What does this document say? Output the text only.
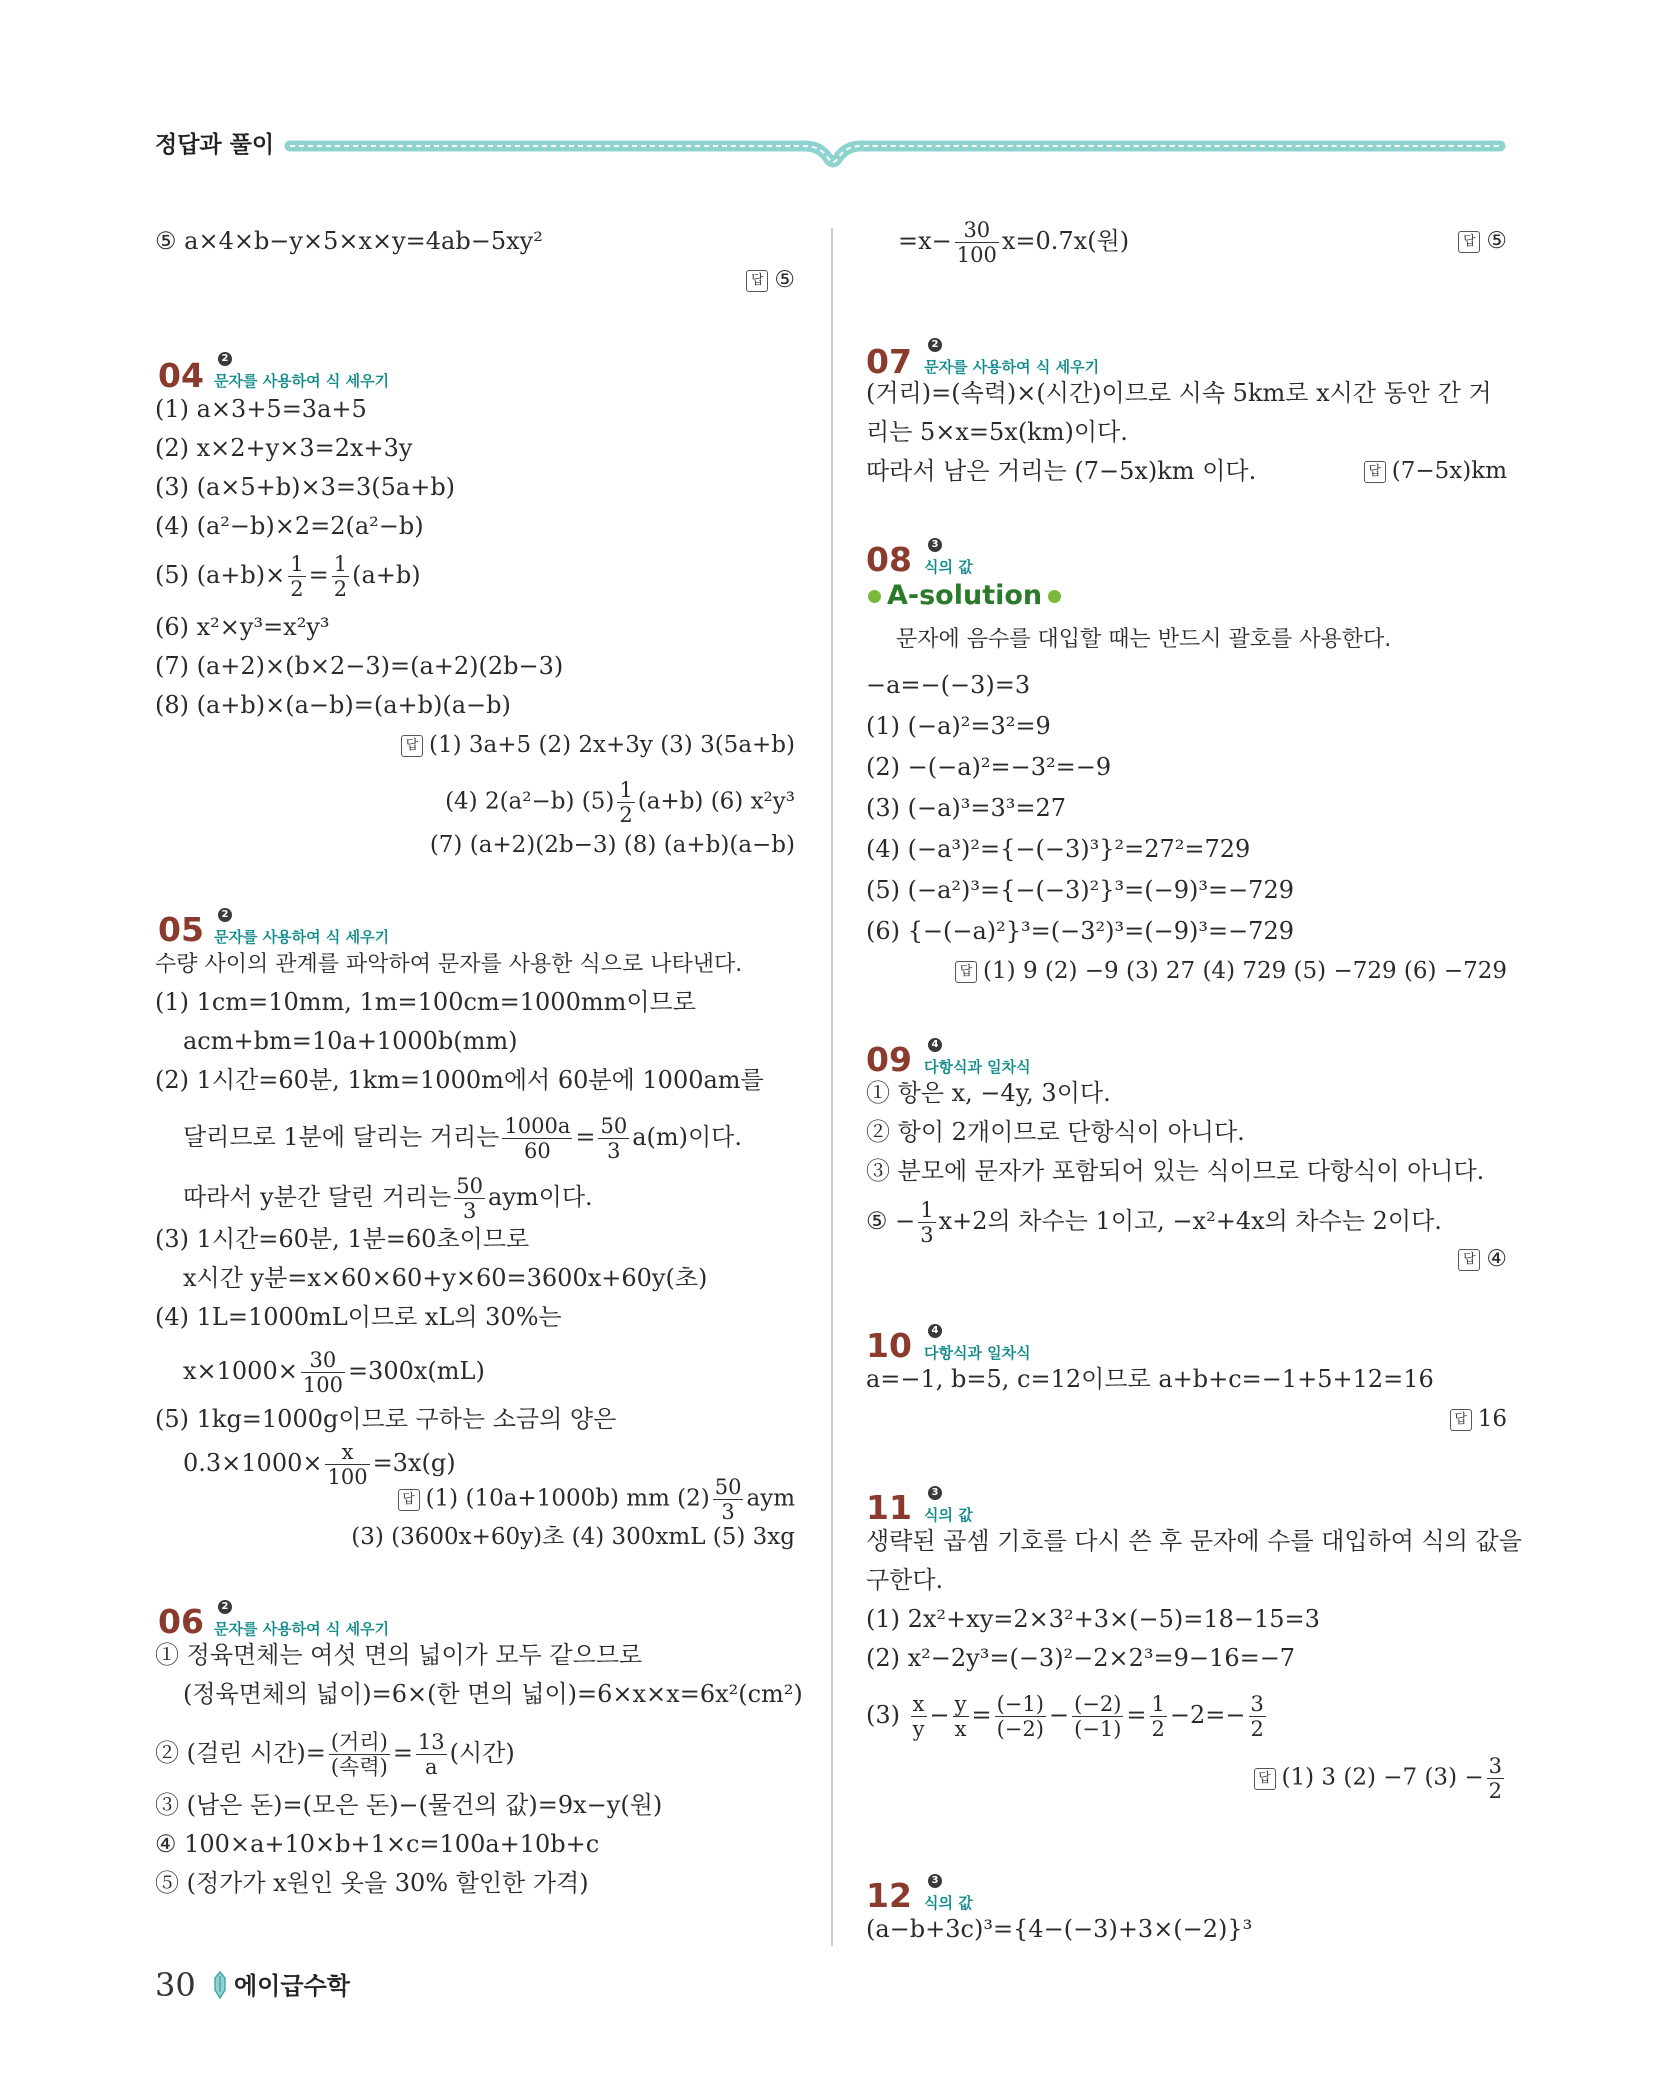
정답과 풀이
⑤ a×4×b−y×5×x×y=4ab−5xy²
답 ⑤
04	2
문자를 사용하여 식 세우기
(1) a×3+5=3a+5
(2) x×2+y×3=2x+3y
(3) (a×5+b)×3=3(5a+b)
(4) (a²−b)×2=2(a²−b)
(5) $(a+b)\times \frac{1}{2} = \frac{1}{2} (a+b)$
(6) x²×y³=x²y³
(7) (a+2)×(b×2−3)=(a+2)(2b−3)
(8) (a+b)×(a−b)=(a+b)(a−b)
답 (1) 3a+5 (2) 2x+3y (3) 3(5a+b)
(4) 2(a²−b) $(5) \frac{1}{2} (a+b)$ (6) x²y³
(7) (a+2)(2b−3) (8) (a+b)(a−b)
05	2
문자를 사용하여 식 세우기
수량 사이의 관계를 파악하여 문자를 사용한 식으로 나타낸다.
(1) 1cm=10mm, 1m=100cm=1000mm이므로
acm+bm=10a+1000b(mm)
(2) 1시간=60분, 1km=1000m에서 60분에 1000am를
달리므로 1분에 달리는 거리는 $\frac{1000a}{60} = \frac{50}{3} a(m)$이다.
따라서 y분간 달린 거리는 $\frac{50}{3}$ aym이다.
(3) 1시간=60분, 1분=60초이므로
x시간 y분=x×60×60+y×60=3600x+60y(초)
(4) 1L=1000mL이므로 xL의 30%는
$x\times 1000\times \frac{30}{100} =300x(mL)$
(5) 1kg=1000g이므로 구하는 소금의 양은
$0.3\times 1000\times \frac{x}{100} =3x(g)$
답 (1) (10a+1000b) mm $(2) \frac{50}{3}$ aym
(3) (3600x+60y)초 (4) 300xmL (5) 3xg
06	2
문자를 사용하여 식 세우기
① 정육면체는 여섯 면의 넓이가 모두 같으므로
(정육면체의 넓이)=6×(한 면의 넓이)=6×x×x=6x²(cm²)
② (걸린 시간)= $\frac{\text{(거리)}}{\text{(속력)}} = \frac{13}{a}$ (시간)
③ (남은 돈)=(모은 돈)−(물건의 값)=9x−y(원)
④ 100×a+10×b+1×c=100a+10b+c
⑤ (정가가 x원인 옷을 30% 할인한 가격)
$=x- \frac{30}{100} x=0.7x$(원)	답 ⑤
07	2
문자를 사용하여 식 세우기
(거리)=(속력)×(시간)이므로 시속 5km로 x시간 동안 간 거
리는 5×x=5x(km)이다.
따라서 남은 거리는 (7−5x)km 이다.	답 (7−5x)km
08	3
식의 값
A-solution
문자에 음수를 대입할 때는 반드시 괄호를 사용한다.
−a=−(−3)=3
(1) (−a)²=3²=9
(2) −(−a)²=−3²=−9
(3) (−a)³=3³=27
(4) (−a³)²={−(−3)³}²=27²=729
(5) (−a²)³={−(−3)²}³=(−9)³=−729
(6) {−(−a)²}³=(−3²)³=(−9)³=−729
답 (1) 9 (2) −9 (3) 27 (4) 729 (5) −729 (6) −729
09	4
다항식과 일차식
① 항은 x, −4y, 3이다.
② 항이 2개이므로 단항식이 아니다.
③ 분모에 문자가 포함되어 있는 식이므로 다항식이 아니다.
⑤ − $\frac{1}{3} x+2$의 차수는 1이고, −x²+4x의 차수는 2이다.
답 ④
10	4
다항식과 일차식
a=−1, b=5, c=12이므로 a+b+c=−1+5+12=16
답 16
11	3
식의 값
생략된 곱셈 기호를 다시 쓴 후 문자에 수를 대입하여 식의 값을
구한다.
(1) 2x²+xy=2×3²+3×(−5)=18−15=3
(2) x²−2y³=(−3)²−2×2³=9−16=−7
$(3) \frac{x}{y} - \frac{y}{x} = \frac{(-1)}{(-2)} - \frac{(-2)}{(-1)} = \frac{1}{2} -2=- \frac{3}{2}$
답 (1) 3 (2) −7 $(3) - \frac{3}{2}$
12	3
식의 값
(a−b+3c)³={4−(−3)+3×(−2)}³
30 에이급수학
